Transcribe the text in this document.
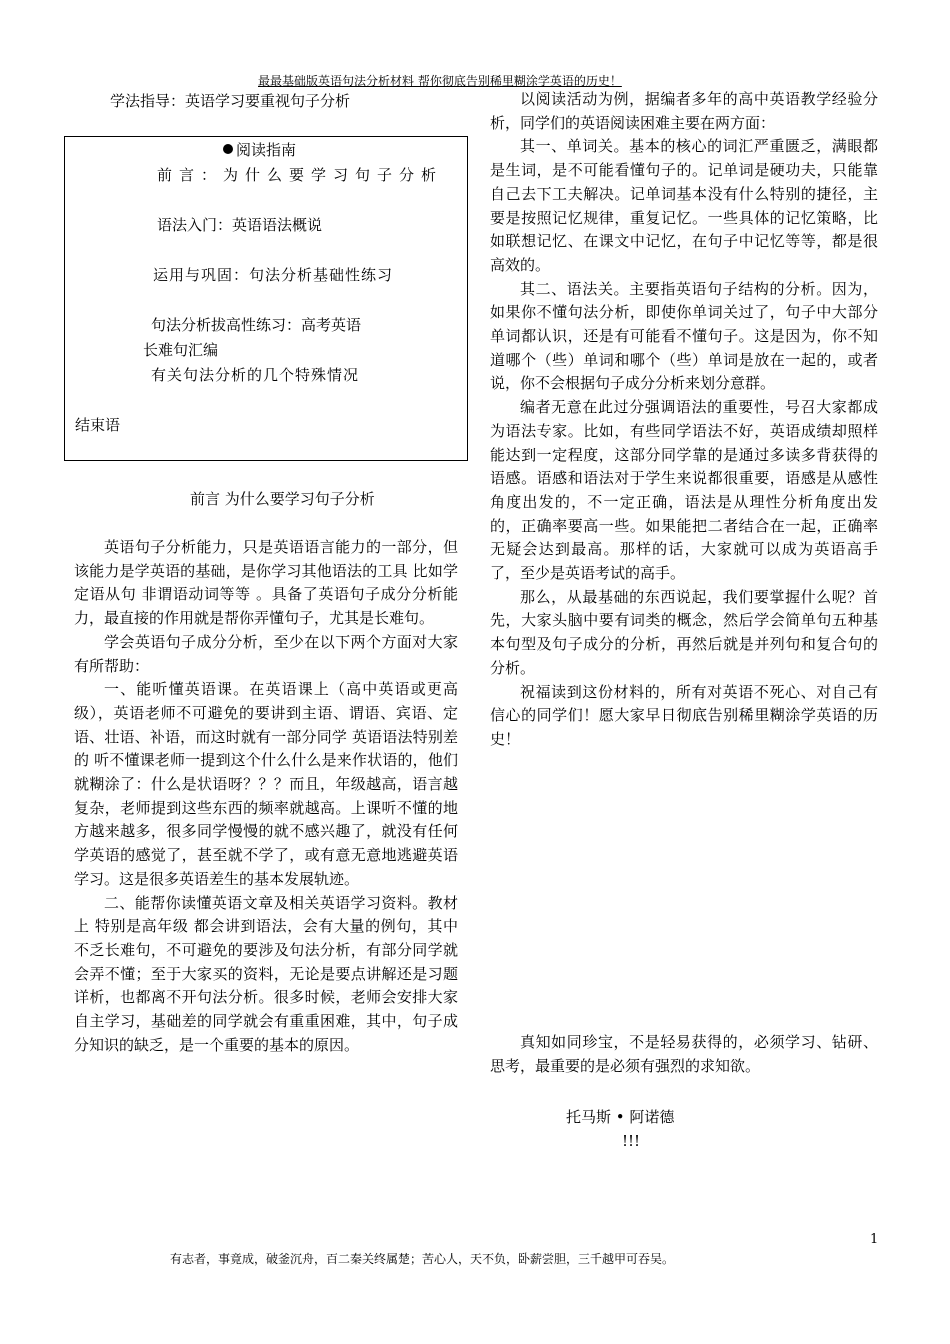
最最基础版英语句法分析材料 帮你彻底告别稀里糊涂学英语的历史！
学法指导：英语学习要重视句子分析
阅读指南
前言：为什么要学习句子分析
语法入门：英语语法概说
运用与巩固：句法分析基础性练习
句法分析拔高性练习：高考英语
长难句汇编
有关句法分析的几个特殊情况
结束语
前言 为什么要学习句子分析

英语句子分析能力，只是英语语言能力的一部分，但该能力是学英语的基础，是你学习其他语法的工具 比如学定语从句 非谓语动词等等 。具备了英语句子成分分析能力，最直接的作用就是帮你弄懂句子，尤其是长难句。

学会英语句子成分分析，至少在以下两个方面对大家有所帮助：

一、能听懂英语课。在英语课上（高中英语或更高级），英语老师不可避免的要讲到主语、谓语、宾语、定语、壮语、补语，而这时就有一部分同学 英语语法特别差的 听不懂课老师一提到这个什么什么是来作状语的，他们就糊涂了：什么是状语呀？？？而且，年级越高，语言越复杂，老师提到这些东西的频率就越高。上课听不懂的地方越来越多，很多同学慢慢的就不感兴趣了，就没有任何学英语的感觉了，甚至就不学了，或有意无意地逃避英语学习。这是很多英语差生的基本发展轨迹。

二、能帮你读懂英语文章及相关英语学习资料。教材上 特别是高年级 都会讲到语法，会有大量的例句，其中不乏长难句，不可避免的要涉及句法分析，有部分同学就会弄不懂；至于大家买的资料，无论是要点讲解还是习题详析，也都离不开句法分析。很多时候，老师会安排大家自主学习，基础差的同学就会有重重困难，其中，句子成分知识的缺乏，是一个重要的基本的原因。

以阅读活动为例，据编者多年的高中英语教学经验分析，同学们的英语阅读困难主要在两方面：

其一、单词关。基本的核心的词汇严重匮乏，满眼都是生词，是不可能看懂句子的。记单词是硬功夫，只能靠自己去下工夫解决。记单词基本没有什么特别的捷径，主要是按照记忆规律，重复记忆。一些具体的记忆策略，比如联想记忆、在课文中记忆，在句子中记忆等等，都是很高效的。

其二、语法关。主要指英语句子结构的分析。因为，如果你不懂句法分析，即使你单词关过了，句子中大部分单词都认识，还是有可能看不懂句子。这是因为，你不知道哪个（些）单词和哪个（些）单词是放在一起的，或者说，你不会根据句子成分分析来划分意群。

编者无意在此过分强调语法的重要性，号召大家都成为语法专家。比如，有些同学语法不好，英语成绩却照样能达到一定程度，这部分同学靠的是通过多读多背获得的语感。语感和语法对于学生来说都很重要，语感是从感性角度出发的，不一定正确，语法是从理性分析角度出发的，正确率要高一些。如果能把二者结合在一起，正确率无疑会达到最高。那样的话，大家就可以成为英语高手了，至少是英语考试的高手。

那么，从最基础的东西说起，我们要掌握什么呢？首先，大家头脑中要有词类的概念，然后学会简单句五种基本句型及句子成分的分析，再然后就是并列句和复合句的分析。

祝福读到这份材料的，所有对英语不死心、对自己有信心的同学们！愿大家早日彻底告别稀里糊涂学英语的历史！

真知如同珍宝，不是轻易获得的，必须学习、钻研、思考，最重要的是必须有强烈的求知欲。
托马斯 • 阿诺德
!!!
1
有志者，事竟成，破釜沉舟，百二秦关终属楚；苦心人，天不负，卧薪尝胆，三千越甲可吞吴。
